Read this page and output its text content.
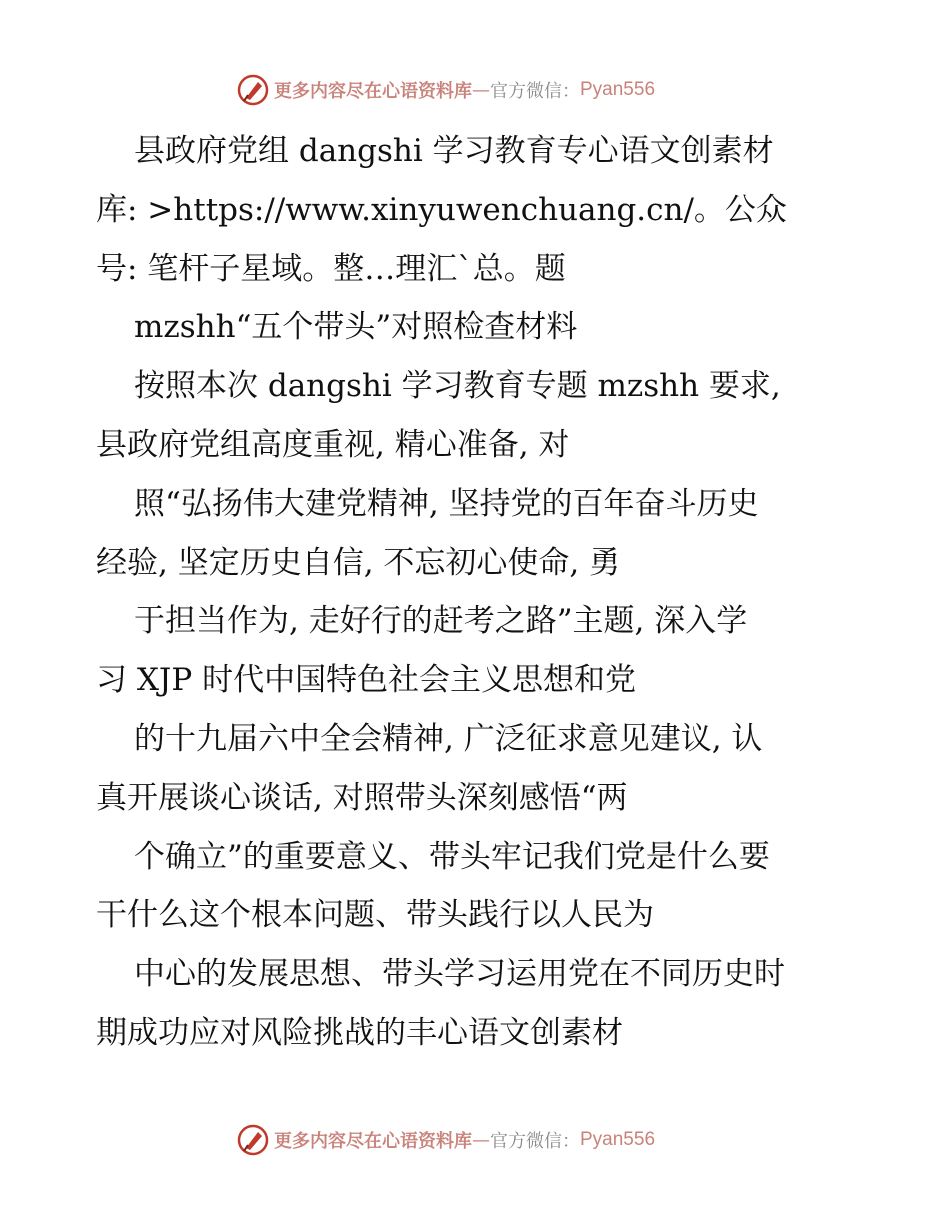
更多内容尽在心语资料库 — 官方微信： Pyan556
县政府党组 dangshi 学习教育专心语文创素材
库: >https://www.xinyuwenchuang.cn/。公众
号: 笔杆子星域。整…理汇`总。题
mzshh“五个带头”对照检查材料
按照本次 dangshi 学习教育专题 mzshh 要求,
县政府党组高度重视, 精心准备, 对
照“弘扬伟大建党精神, 坚持党的百年奋斗历史
经验, 坚定历史自信, 不忘初心使命, 勇
于担当作为, 走好行的赶考之路”主题, 深入学
习 XJP 时代中国特色社会主义思想和党
的十九届六中全会精神, 广泛征求意见建议, 认
真开展谈心谈话, 对照带头深刻感悟“两
个确立”的重要意义、带头牢记我们党是什么要
干什么这个根本问题、带头践行以人民为
中心的发展思想、带头学习运用党在不同历史时
期成功应对风险挑战的丰心语文创素材
更多内容尽在心语资料库 — 官方微信： Pyan556
